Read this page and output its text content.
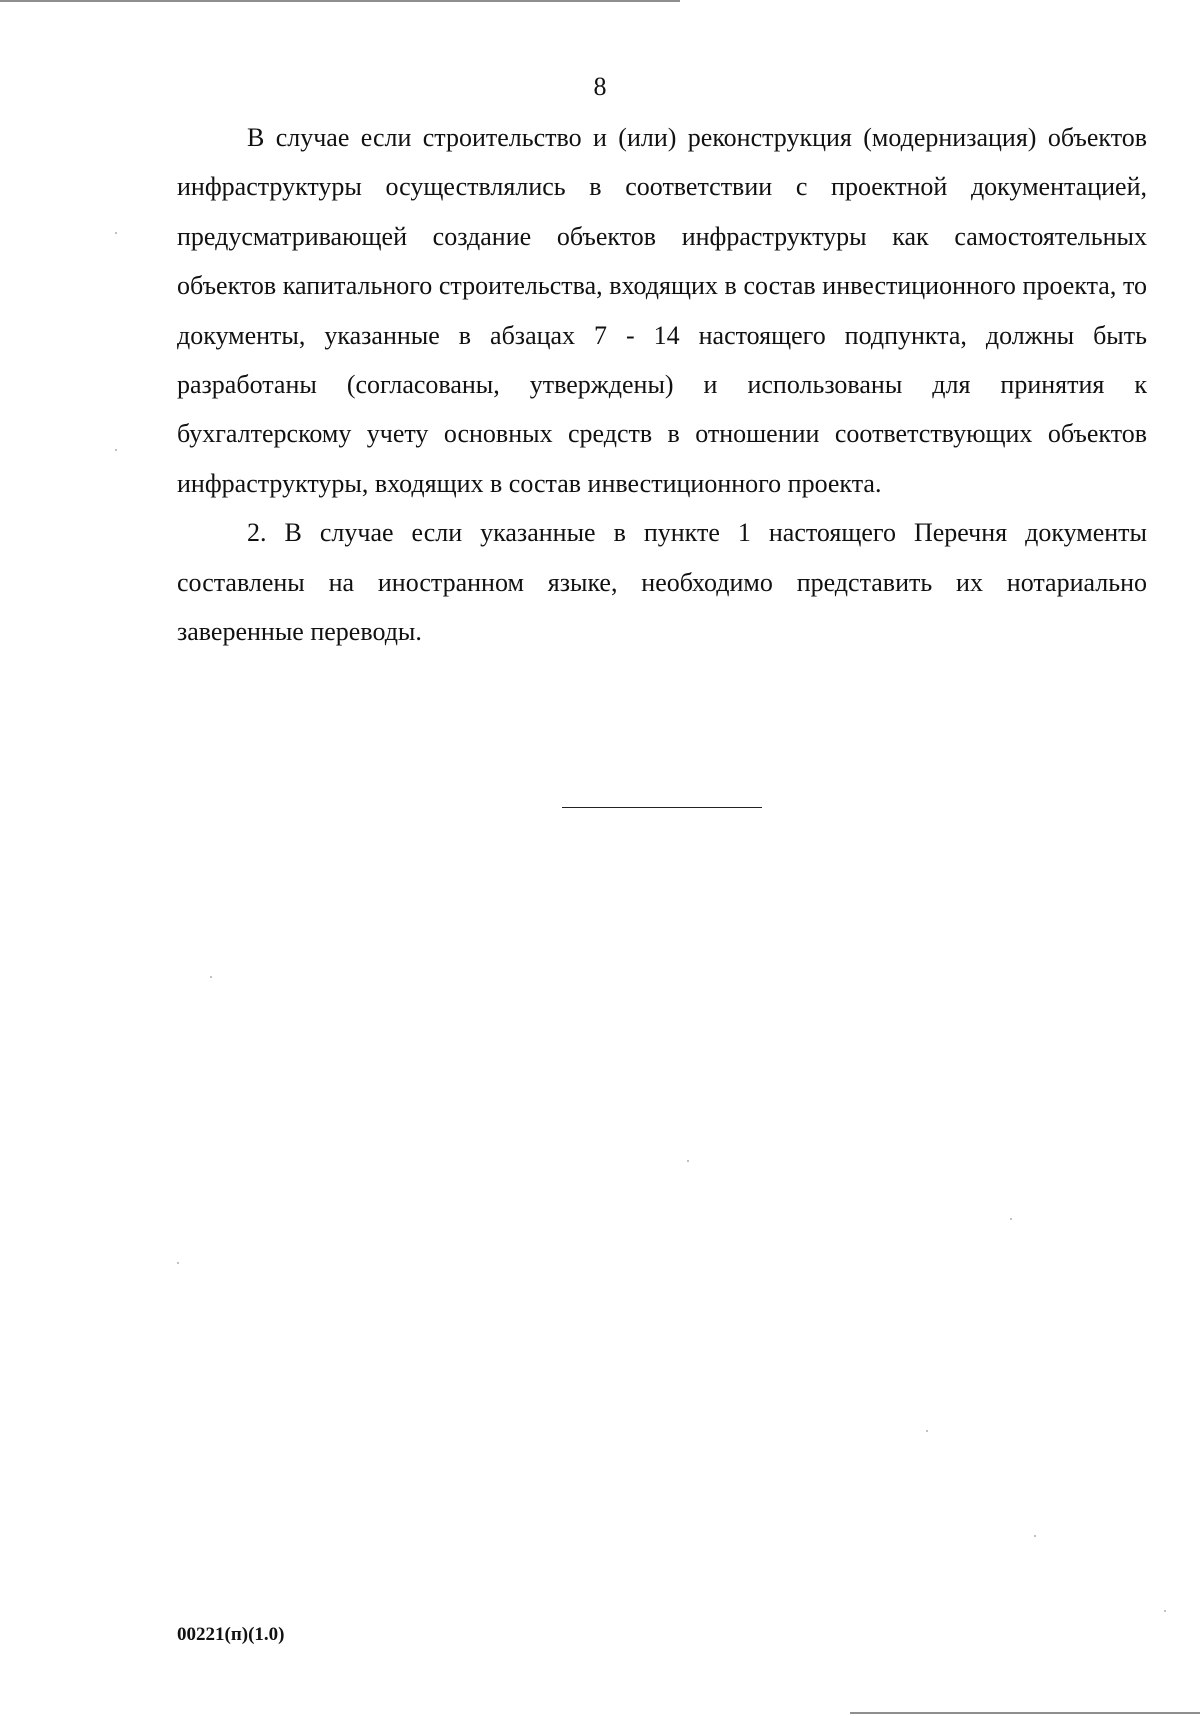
8

В случае если строительство и (или) реконструкция (модернизация) объектов инфраструктуры осуществлялись в соответствии с проектной документацией, предусматривающей создание объектов инфраструктуры как самостоятельных объектов капитального строительства, входящих в состав инвестиционного проекта, то документы, указанные в абзацах 7 - 14 настоящего подпункта, должны быть разработаны (согласованы, утверждены) и использованы для принятия к бухгалтерскому учету основных средств в отношении соответствующих объектов инфраструктуры, входящих в состав инвестиционного проекта.

2. В случае если указанные в пункте 1 настоящего Перечня документы составлены на иностранном языке, необходимо представить их нотариально заверенные переводы.

00221(п)(1.0)
